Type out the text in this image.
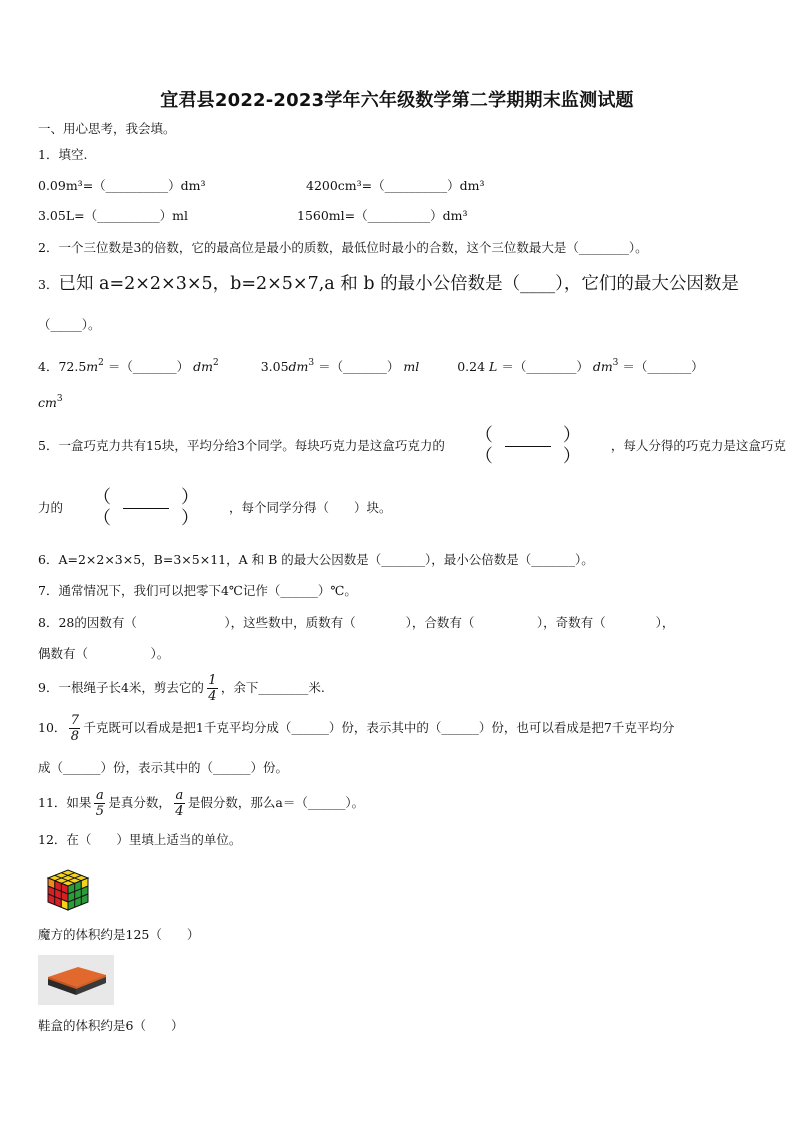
宜君县2022-2023学年六年级数学第二学期期末监测试题
一、用心思考，我会填。
1．填空.
0.09m³=（__________）dm³	4200cm³=（__________）dm³
3.05L=（__________）ml	1560ml=（__________）dm³
2．一个三位数是3的倍数，它的最高位是最小的质数，最低位时最小的合数，这个三位数最大是（________）。
3．已知 a=2×2×3×5，b=2×5×7,a 和 b 的最小公倍数是（____），它们的最大公因数是
（_____）。
4．$72.5m^2$ ＝（_______） $dm^2$	$3.05dm^3$ ＝（_______） ml	0.24 L ＝（________） $dm^3$ ＝（_______）
$cm^3$
5．一盒巧克力共有15块，平均分给3个同学。每块巧克力是这盒巧克力的	（　）
（　）
，每人分得的巧克力是这盒巧克
力的	（　）
（　）
，每个同学分得（　　）块。
6．A=2×2×3×5，B=3×5×11，A 和 B 的最大公因数是（_______），最小公倍数是（_______）。
7．通常情况下，我们可以把零下4℃记作（______）℃。
8．28的因数有（　　　　　　　），这些数中，质数有（　　　　），合数有（　　　　　），奇数有（　　　　），
偶数有（　　　　　）。
9．一根绳子长4米，剪去它的 $\frac{1}{4}$ ，余下________米.
10． $\frac{7}{8}$ 千克既可以看成是把1千克平均分成（______）份，表示其中的（______）份，也可以看成是把7千克平均分
成（______）份，表示其中的（______）份。
11．如果 $\frac{a}{5}$ 是真分数， $\frac{a}{4}$ 是假分数，那么a＝（______）。
12．在（　　）里填上适当的单位。
魔方的体积约是125（　　）
鞋盒的体积约是6（　　）
